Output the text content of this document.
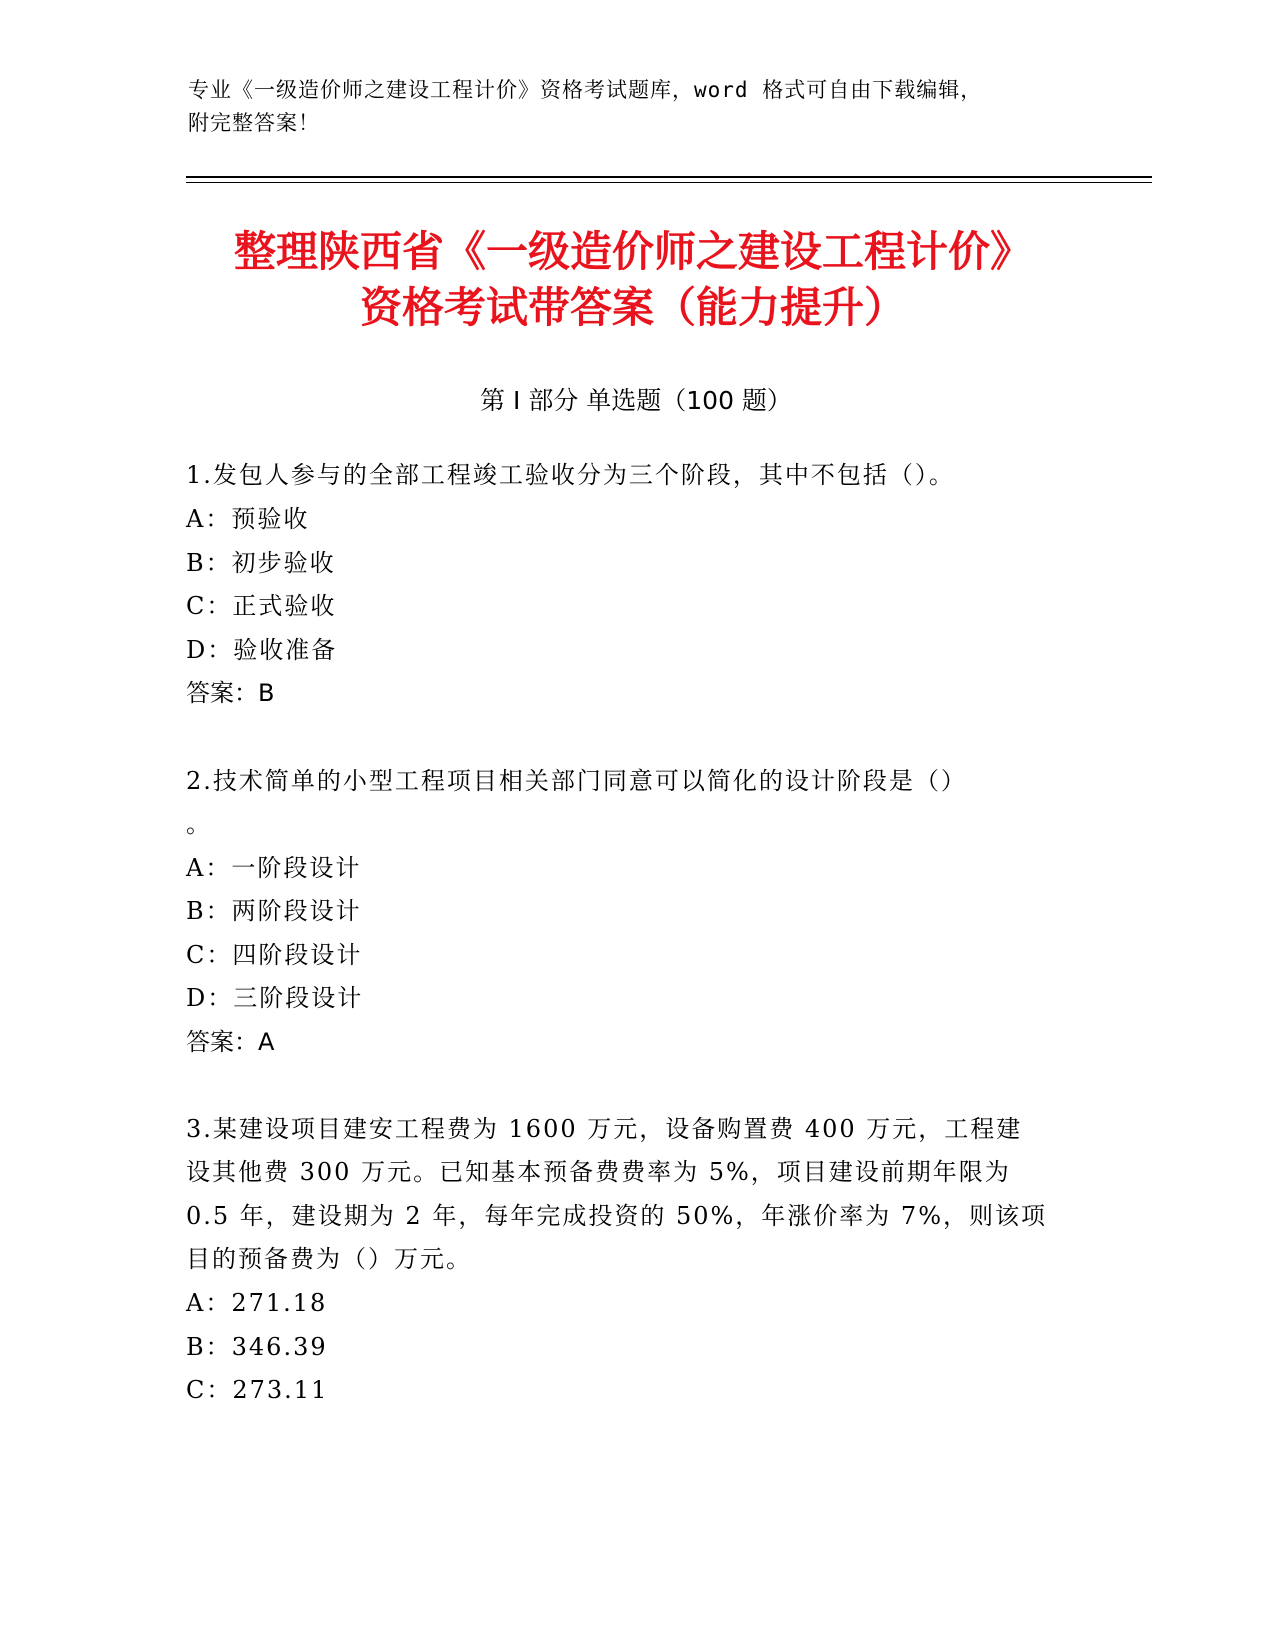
专业《一级造价师之建设工程计价》资格考试题库，word 格式可自由下载编辑，
附完整答案！
整理陕西省《一级造价师之建设工程计价》
资格考试带答案（能力提升）
第 I 部分 单选题（100 题）
1.发包人参与的全部工程竣工验收分为三个阶段，其中不包括（）。
A：预验收
B：初步验收
C：正式验收
D：验收准备
答案：B
2.技术简单的小型工程项目相关部门同意可以简化的设计阶段是（）
。
A：一阶段设计
B：两阶段设计
C：四阶段设计
D：三阶段设计
答案：A
3.某建设项目建安工程费为 1600 万元，设备购置费 400 万元，工程建
设其他费 300 万元。已知基本预备费费率为 5%，项目建设前期年限为
0.5 年，建设期为 2 年，每年完成投资的 50%，年涨价率为 7%，则该项
目的预备费为（）万元。
A：271.18
B：346.39
C：273.11
